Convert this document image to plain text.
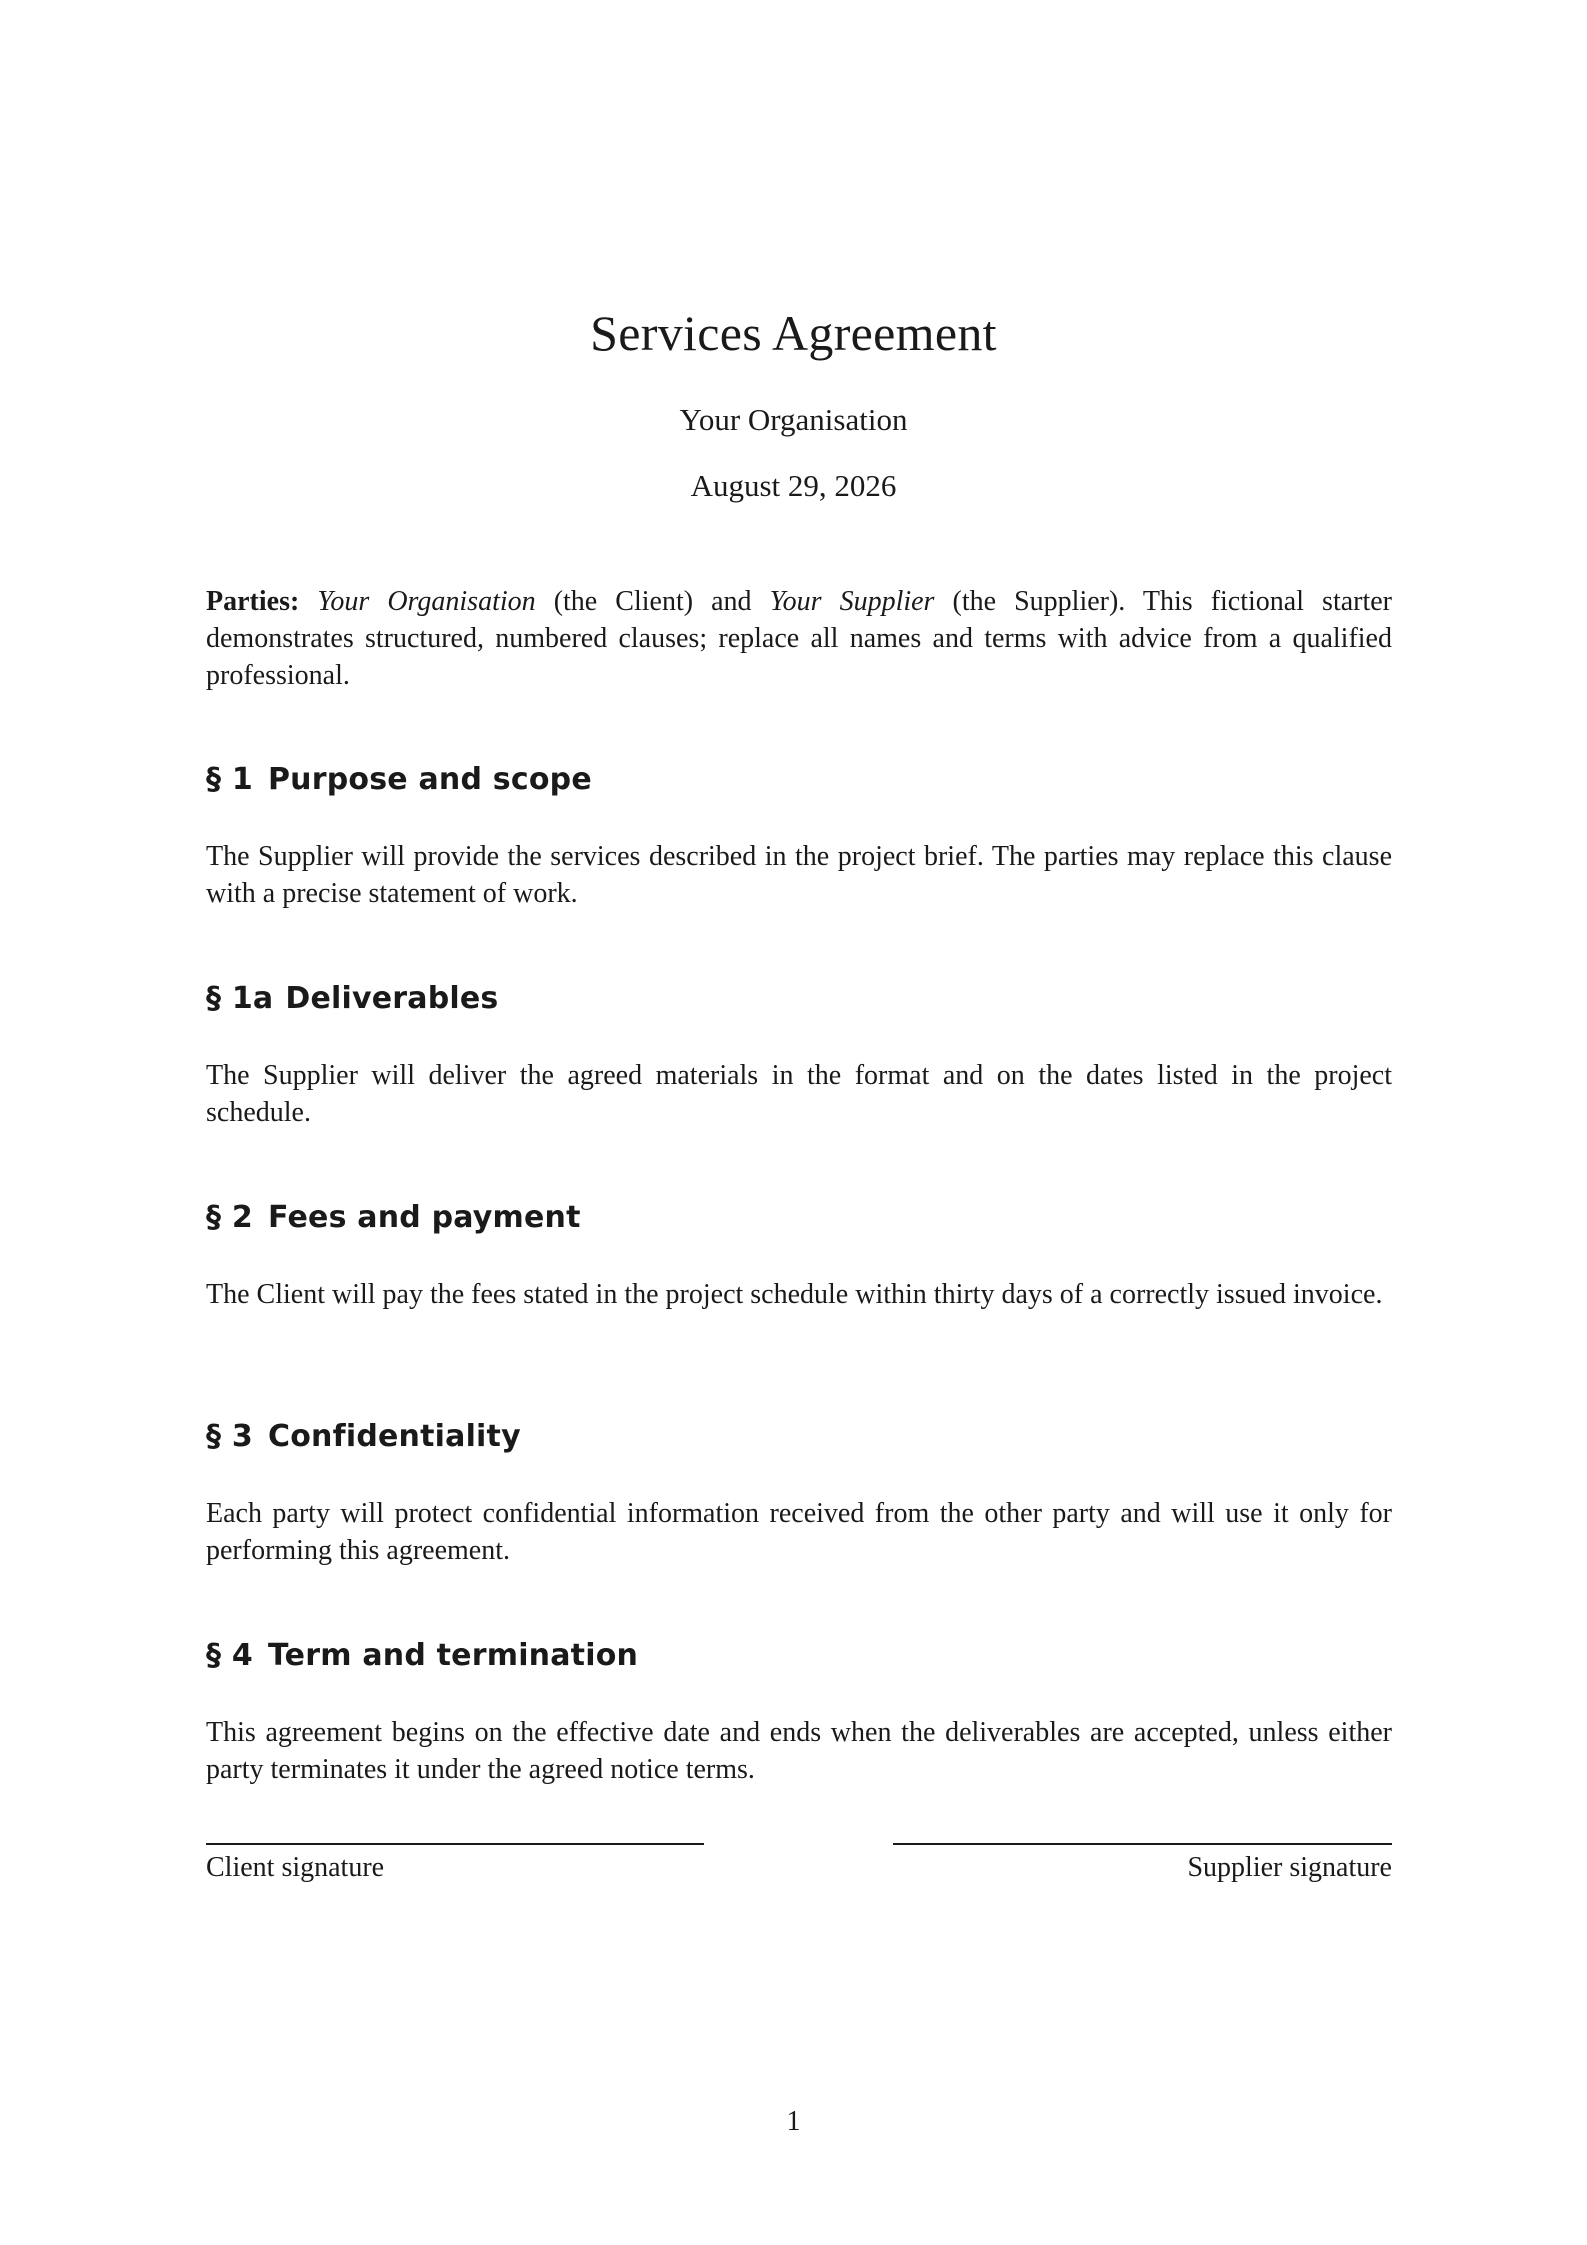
Services Agreement
Your Organisation
August 29, 2026
Parties: Your Organisation (the Client) and Your Supplier (the Supplier). This fictional starter demonstrates structured, numbered clauses; replace all names and terms with advice from a qualified professional.
§ 1 Purpose and scope
The Supplier will provide the services described in the project brief. The parties may replace this clause with a precise statement of work.
§ 1a Deliverables
The Supplier will deliver the agreed materials in the format and on the dates listed in the project schedule.
§ 2 Fees and payment
The Client will pay the fees stated in the project schedule within thirty days of a correctly issued invoice.
§ 3 Confidentiality
Each party will protect confidential information received from the other party and will use it only for performing this agreement.
§ 4 Term and termination
This agreement begins on the effective date and ends when the deliverables are accepted, unless either party terminates it under the agreed notice terms.
Client signature	Supplier signature
1
